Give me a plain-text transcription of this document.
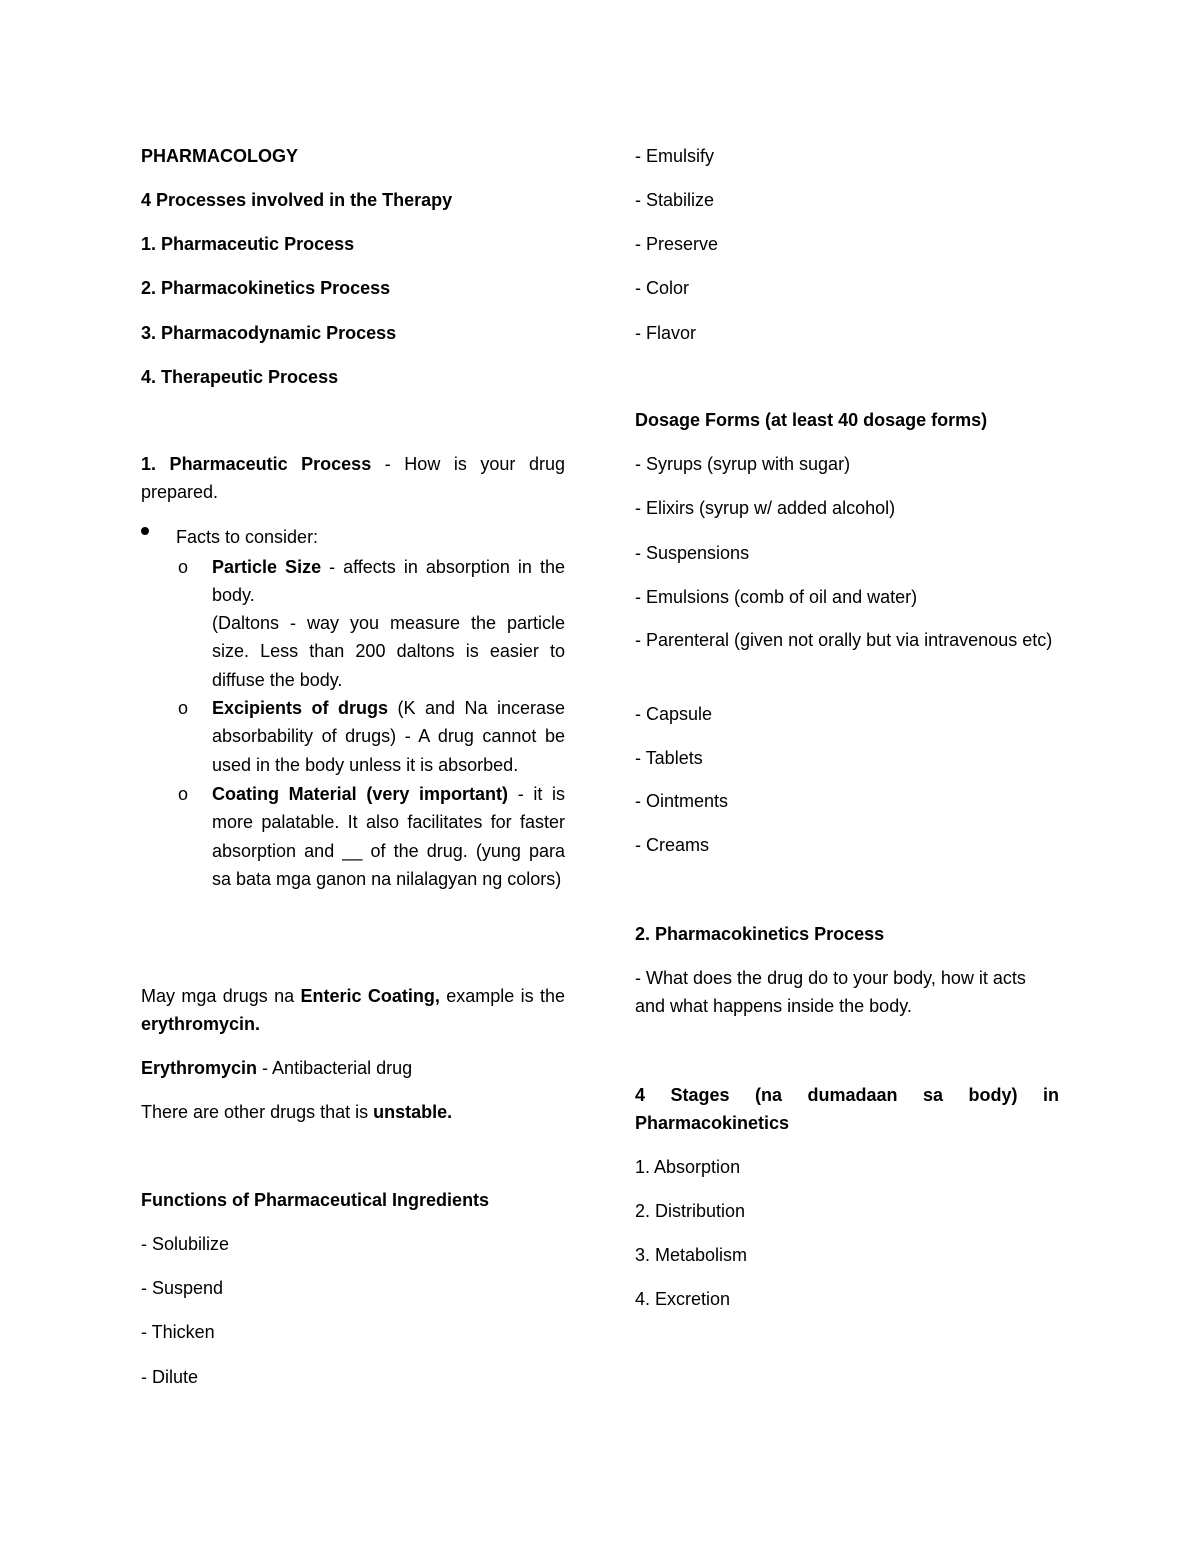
PHARMACOLOGY
4 Processes involved in the Therapy
1. Pharmaceutic Process
2. Pharmacokinetics Process
3. Pharmacodynamic Process
4. Therapeutic Process
1. Pharmaceutic Process - How is your drug prepared.
Facts to consider:
o Particle Size - affects in absorption in the body.
(Daltons - way you measure the particle size. Less than 200 daltons is easier to diffuse the body.
o Excipients of drugs (K and Na incerase absorbability of drugs) - A drug cannot be used in the body unless it is absorbed.
o Coating Material (very important) - it is more palatable. It also facilitates for faster absorption and __ of the drug. (yung para sa bata mga ganon na nilalagyan ng colors)
May mga drugs na Enteric Coating, example is the erythromycin.
Erythromycin - Antibacterial drug
There are other drugs that is unstable.
Functions of Pharmaceutical Ingredients
- Solubilize
- Suspend
- Thicken
- Dilute
- Emulsify
- Stabilize
- Preserve
- Color
- Flavor
Dosage Forms (at least 40 dosage forms)
- Syrups (syrup with sugar)
- Elixirs (syrup w/ added alcohol)
- Suspensions
- Emulsions (comb of oil and water)
- Parenteral (given not orally but via intravenous etc)
- Capsule
- Tablets
- Ointments
- Creams
2. Pharmacokinetics Process
- What does the drug do to your body, how it acts and what happens inside the body.
4 Stages (na dumadaan sa body) in Pharmacokinetics
1. Absorption
2. Distribution
3. Metabolism
4. Excretion
